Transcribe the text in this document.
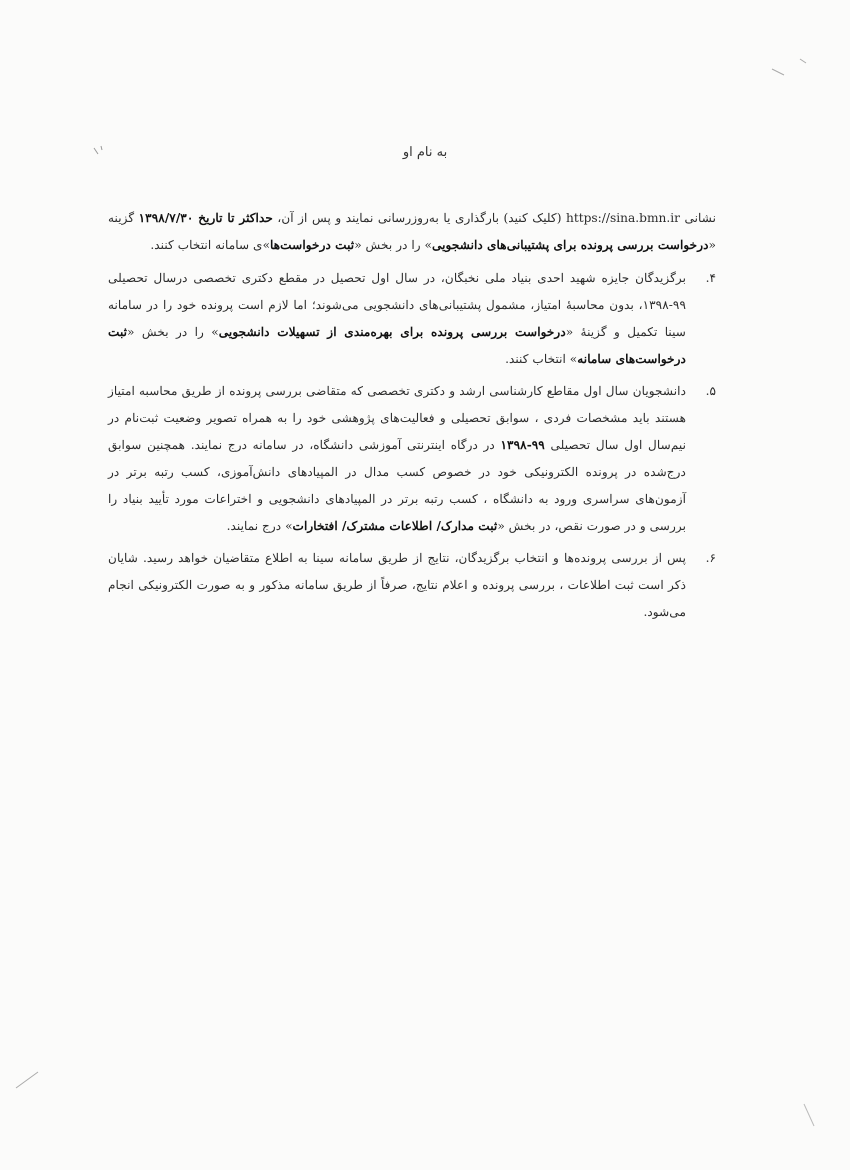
به نام او

نشانی https://sina.bmn.ir (کلیک کنید) بارگذاری یا به‌روزرسانی نمایند و پس از آن، حداکثر تا تاریخ ۱۳۹۸/۷/۳۰ گزینه «درخواست بررسی پرونده برای پشتیبانی‌های دانشجویی» را در بخش «ثبت درخواست‌ها»ی سامانه انتخاب کنند.

۴.
برگزیدگان جایزه شهید احدی بنیاد ملی نخبگان، در سال اول تحصیل در مقطع دکتری تخصصی درسال تحصیلی ۹۹-۱۳۹۸، بدون محاسبهٔ امتیاز، مشمول پشتیبانی‌های دانشجویی می‌شوند؛ اما لازم است پرونده خود را در سامانه سینا تکمیل و گزینهٔ «درخواست بررسی پرونده برای بهره‌مندی از تسهیلات دانشجویی» را در بخش «ثبت درخواست‌های سامانه» انتخاب کنند.
۵.
دانشجویان سال اول مقاطع کارشناسی ارشد و دکتری تخصصی که متقاضی بررسی پرونده از طریق محاسبه امتیاز هستند باید مشخصات فردی ، سوابق تحصیلی و فعالیت‌های پژوهشی خود را به همراه تصویر وضعیت ثبت‌نام در نیم‌سال اول سال تحصیلی ۹۹-۱۳۹۸ در درگاه اینترنتی آموزشی دانشگاه، در سامانه درج نمایند. همچنین سوابق درج‌شده در پرونده الکترونیکی خود در خصوص کسب مدال در المپیادهای دانش‌آموزی، کسب رتبه برتر در آزمون‌های سراسری ورود به دانشگاه ، کسب رتبه برتر در المپیادهای دانشجویی و اختراعات مورد تأیید بنیاد را بررسی و در صورت نقص، در بخش «ثبت مدارک/ اطلاعات مشترک/ افتخارات» درج نمایند.
۶.
پس از بررسی پرونده‌ها و انتخاب برگزیدگان، نتایج از طریق سامانه سینا به اطلاع متقاضیان خواهد رسید. شایان ذکر است ثبت اطلاعات ، بررسی پرونده و اعلام نتایج، صرفاً از طریق سامانه مذکور و به صورت الکترونیکی انجام می‌شود.
